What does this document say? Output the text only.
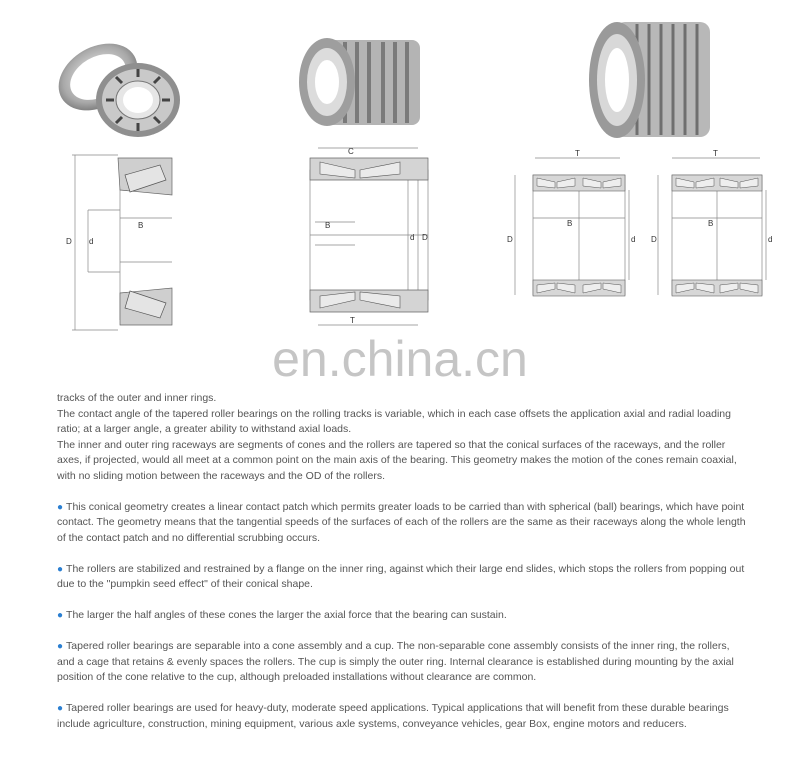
D d
B
C
B
d D
T
T
B
D	d
T
B
D	d
en.china.cn

tracks of the outer and inner rings.

The contact angle of the tapered roller bearings on the rolling tracks is variable, which in each case offsets the application axial and radial loading ratio; at a larger angle, a greater ability to withstand axial loads.

The inner and outer ring raceways are segments of cones and the rollers are tapered so that the conical surfaces of the raceways, and the roller axes, if projected, would all meet at a common point on the main axis of the bearing. This geometry makes the motion of the cones remain coaxial, with no sliding motion between the raceways and the OD of the rollers.

● This conical geometry creates a linear contact patch which permits greater loads to be carried than with spherical (ball) bearings, which have point contact. The geometry means that the tangential speeds of the surfaces of each of the rollers are the same as their raceways along the whole length of the contact patch and no differential scrubbing occurs.

● The rollers are stabilized and restrained by a flange on the inner ring, against which their large end slides, which stops the rollers from popping out due to the "pumpkin seed effect" of their conical shape.

● The larger the half angles of these cones the larger the axial force that the bearing can sustain.

● Tapered roller bearings are separable into a cone assembly and a cup. The non-separable cone assembly consists of the inner ring, the rollers, and a cage that retains & evenly spaces the rollers. The cup is simply the outer ring. Internal clearance is established during mounting by the axial position of the cone relative to the cup, although preloaded installations without clearance are common.

● Tapered roller bearings are used for heavy-duty, moderate speed applications. Typical applications that will benefit from these durable bearings include agriculture, construction, mining equipment, various axle systems, conveyance vehicles, gear Box, engine motors and reducers.
